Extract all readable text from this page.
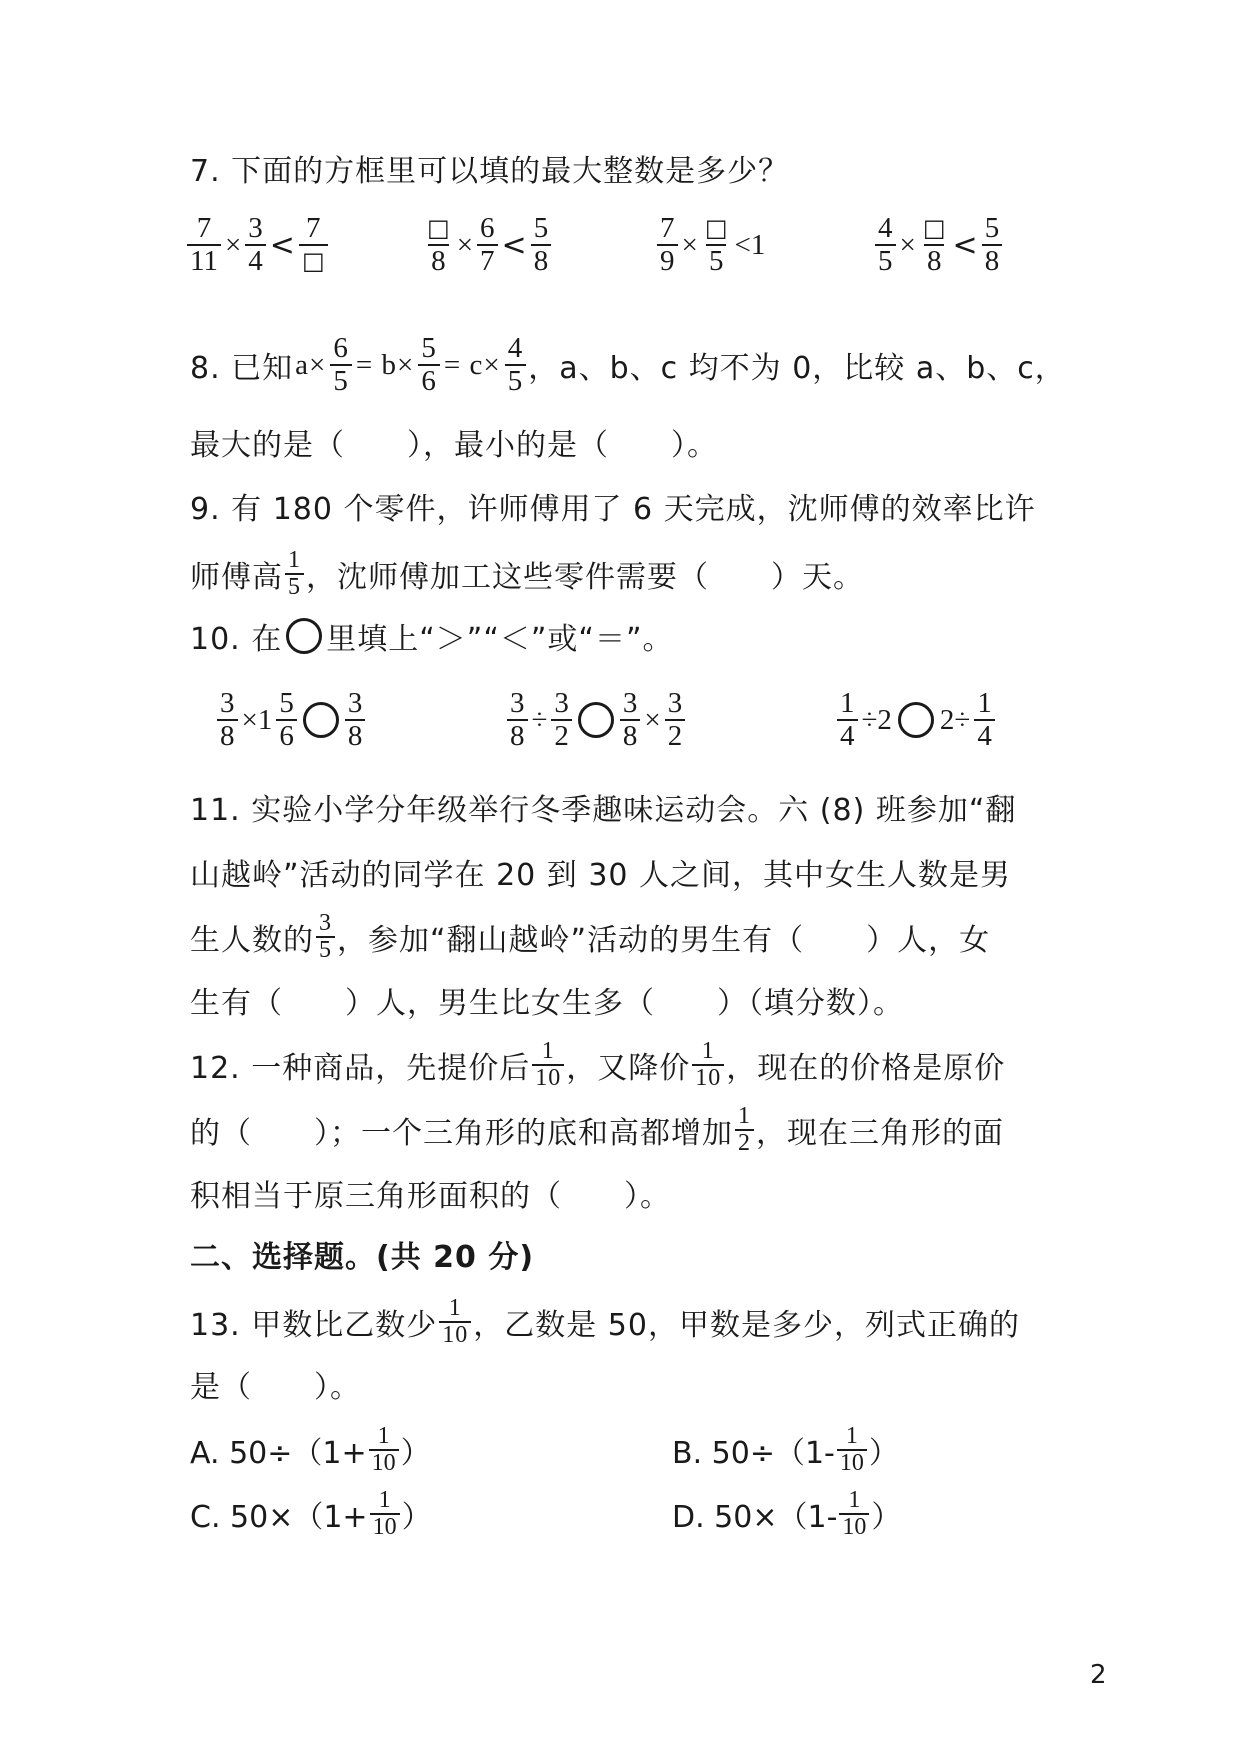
7. 下面的方框里可以填的最大整数是多少？
$\frac{7}{11} \times \frac{3}{4} < \frac{7}{□}$	$\frac{□}{8} \times \frac{6}{7} < \frac{5}{8}$	$\frac{7}{9} \times \frac{□}{5} <1$	$\frac{4}{5} \times \frac{□}{8} < \frac{5}{8}$
8. 已知 $a\times \frac{6}{5} = b\times \frac{5}{6} = c\times \frac{4}{5}$ ，a、b、c 均不为 0，比较 a、b、c，
最大的是（　　），最小的是（　　）。
9. 有 180 个零件，许师傅用了 6 天完成，沈师傅的效率比许
师傅高 $\frac{1}{5}$ ，沈师傅加工这些零件需要（　　）天。
10. 在 里填上“＞”“＜”或“＝”。
$\frac{3}{8} \times 1 \frac{5}{6} \frac{3}{8}$	$\frac{3}{8} \div \frac{3}{2} \frac{3}{8} \times \frac{3}{2}$	$\frac{1}{4} \div 2$ $2\div \frac{1}{4}$
11. 实验小学分年级举行冬季趣味运动会。六 (8) 班参加“翻
山越岭”活动的同学在 20 到 30 人之间，其中女生人数是男
生人数的 $\frac{3}{5}$ ，参加“翻山越岭”活动的男生有（　　）人，女
生有（　　）人，男生比女生多（　　）（填分数）。
12. 一种商品，先提价后 $\frac{1}{10}$ ，又降价 $\frac{1}{10}$ ，现在的价格是原价
的（　　）；一个三角形的底和高都增加 $\frac{1}{2}$ ，现在三角形的面
积相当于原三角形面积的（　　）。
二、选择题。(共 20 分)
13. 甲数比乙数少 $\frac{1}{10}$ ，乙数是 50，甲数是多少，列式正确的
是（　　）。
A. $50\div(1+ \frac{1}{10}$ ）	B. $50\div(1- \frac{1}{10}$ ）
C. $50\times(1+ \frac{1}{10}$ ）	D. $50\times(1- \frac{1}{10}$ ）
2
